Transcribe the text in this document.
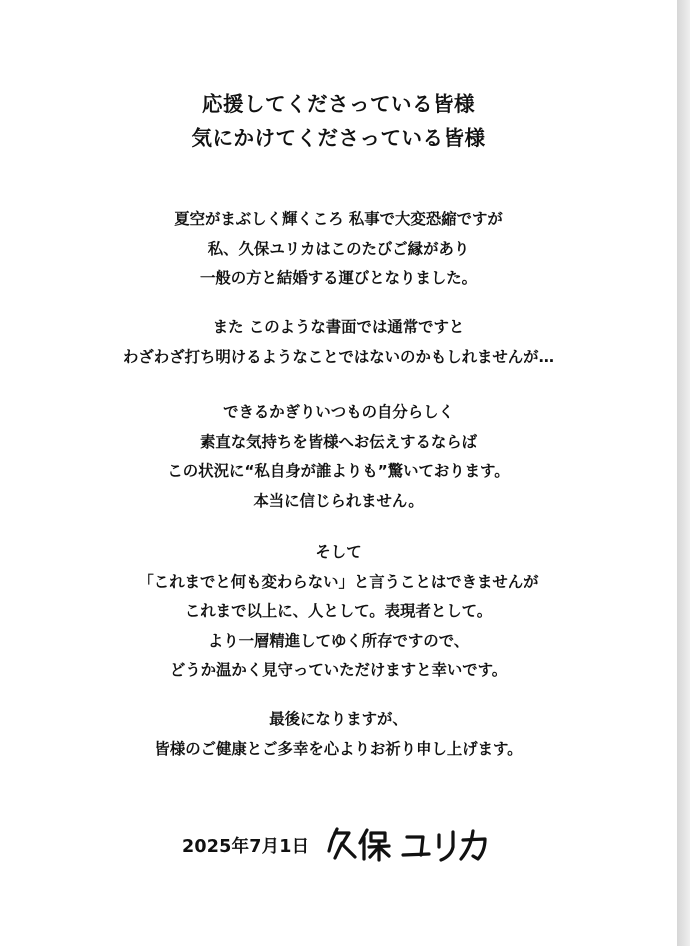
応援してくださっている皆様
気にかけてくださっている皆様
夏空がまぶしく輝くころ 私事で大変恐縮ですが
私、久保ユリカはこのたびご縁があり
一般の方と結婚する運びとなりました。
また このような書面では通常ですと
わざわざ打ち明けるようなことではないのかもしれませんが…
できるかぎりいつもの自分らしく
素直な気持ちを皆様へお伝えするならば
この状況に“私自身が誰よりも”驚いております。
本当に信じられません。
そして
「これまでと何も変わらない」と言うことはできませんが
これまで以上に、人として。表現者として。
より一層精進してゆく所存ですので、
どうか温かく見守っていただけますと幸いです。
最後になりますが、
皆様のご健康とご多幸を心よりお祈り申し上げます。
2025年7月1日
